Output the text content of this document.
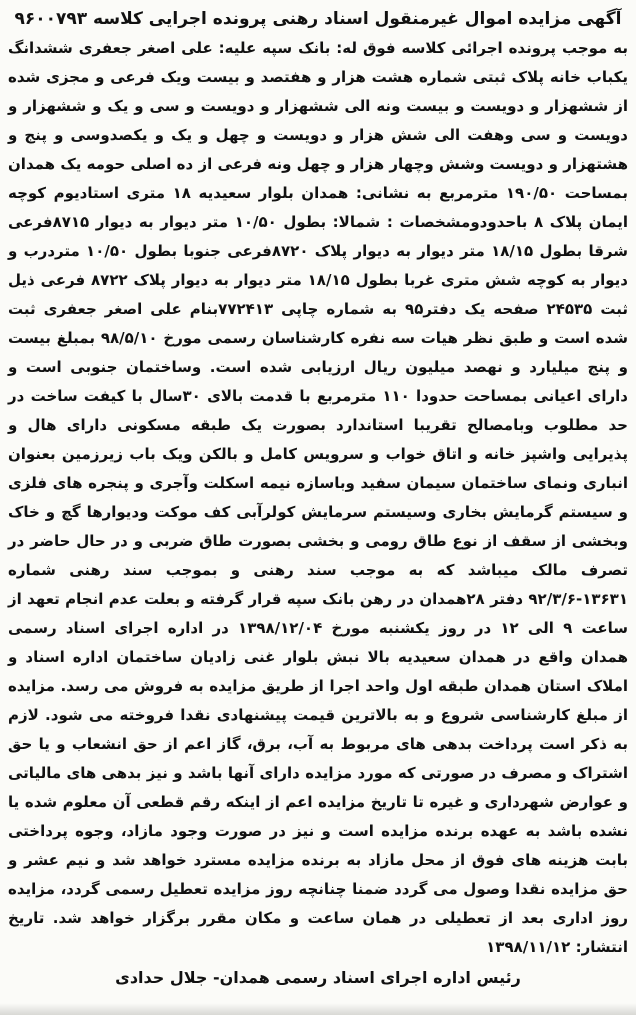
آگهی مزایده اموال غیرمنقول اسناد رهنی پرونده اجرایی کلاسه ۹۶۰۰۷۹۳

به موجب پرونده اجرائی کلاسه فوق له: بانک سپه علیه: علی اصغر جعفری ششدانگ یکباب خانه پلاک ثبتی شماره هشت هزار و هفتصد و بیست ویک فرعی و مجزی شده از ششهزار و دویست و بیست ونه الی ششهزار و دویست و سی و یک و ششهزار و دویست و سی وهفت الی شش هزار و دویست و چهل و یک و یکصدوسی و پنج و هشتهزار و دویست وشش وچهار هزار و چهل ونه فرعی از ده اصلی حومه یک همدان بمساحت ۱۹۰/۵۰ مترمربع به نشانی: همدان بلوار سعیدیه ۱۸ متری استادیوم کوچه ایمان پلاک ۸ باحدودومشخصات : شمالا: بطول ۱۰/۵۰ متر دیوار به دیوار ۸۷۱۵فرعی شرقا بطول ۱۸/۱۵ متر دیوار به دیوار پلاک ۸۷۲۰فرعی جنوبا بطول ۱۰/۵۰ متردرب و دیوار به کوچه شش متری غربا بطول ۱۸/۱۵ متر دیوار به دیوار پلاک ۸۷۲۲ فرعی ذیل ثبت ۲۴۵۳۵ صفحه یک دفتر۹۵ به شماره چاپی ۷۷۲۴۱۳بنام علی اصغر جعفری ثبت شده است و طبق نظر هیات سه نفره کارشناسان رسمی مورخ ۹۸/۵/۱۰ بمبلغ بیست و پنج میلیارد و نهصد میلیون ریال ارزیابی شده است. وساختمان جنوبی است و دارای اعیانی بمساحت حدودا ۱۱۰ مترمربع با قدمت بالای ۳۰سال با کیفت ساخت در حد مطلوب وبامصالح تقریبا استاندارد بصورت یک طبقه مسکونی دارای هال و پذیرایی واشپز خانه و اتاق خواب و سرویس کامل و بالکن ویک باب زیرزمین بعنوان انباری ونمای ساختمان سیمان سفید وباسازه نیمه اسکلت وآجری و پنجره های فلزی و سیستم گرمایش بخاری وسیستم سرمایش کولرآبی کف موکت ودیوارها گچ و خاک وبخشی از سقف از نوع طاق رومی و بخشی بصورت طاق ضربی و در حال حاضر در تصرف مالک میباشد که به موجب سند رهنی و بموجب سند رهنی شماره ۱۳۶۳۱-۹۲/۳/۶ دفتر ۲۸همدان در رهن بانک سپه قرار گرفته و بعلت عدم انجام تعهد از ساعت ۹ الی ۱۲ در روز یکشنبه مورخ ۱۳۹۸/۱۲/۰۴ در اداره اجرای اسناد رسمی همدان واقع در همدان سعیدیه بالا نبش بلوار غنی زادیان ساختمان اداره اسناد و املاک استان همدان طبقه اول واحد اجرا از طریق مزایده به فروش می رسد. مزایده از مبلغ کارشناسی شروع و به بالاترین قیمت پیشنهادی نقدا فروخته می شود. لازم به ذکر است پرداخت بدهی های مربوط به آب، برق، گاز اعم از حق انشعاب و یا حق اشتراک و مصرف در صورتی که مورد مزایده دارای آنها باشد و نیز بدهی های مالیاتی و عوارض شهرداری و غیره تا تاریخ مزایده اعم از اینکه رقم قطعی آن معلوم شده یا نشده باشد به عهده برنده مزایده است و نیز در صورت وجود مازاد، وجوه پرداختی بابت هزینه های فوق از محل مازاد به برنده مزایده مسترد خواهد شد و نیم عشر و حق مزایده نقدا وصول می گردد ضمنا چنانچه روز مزایده تعطیل رسمی گردد، مزایده روز اداری بعد از تعطیلی در همان ساعت و مکان مقرر برگزار خواهد شد. تاریخ انتشار: ۱۳۹۸/۱۱/۱۲

رئیس اداره اجرای اسناد رسمی همدان- جلال حدادی
